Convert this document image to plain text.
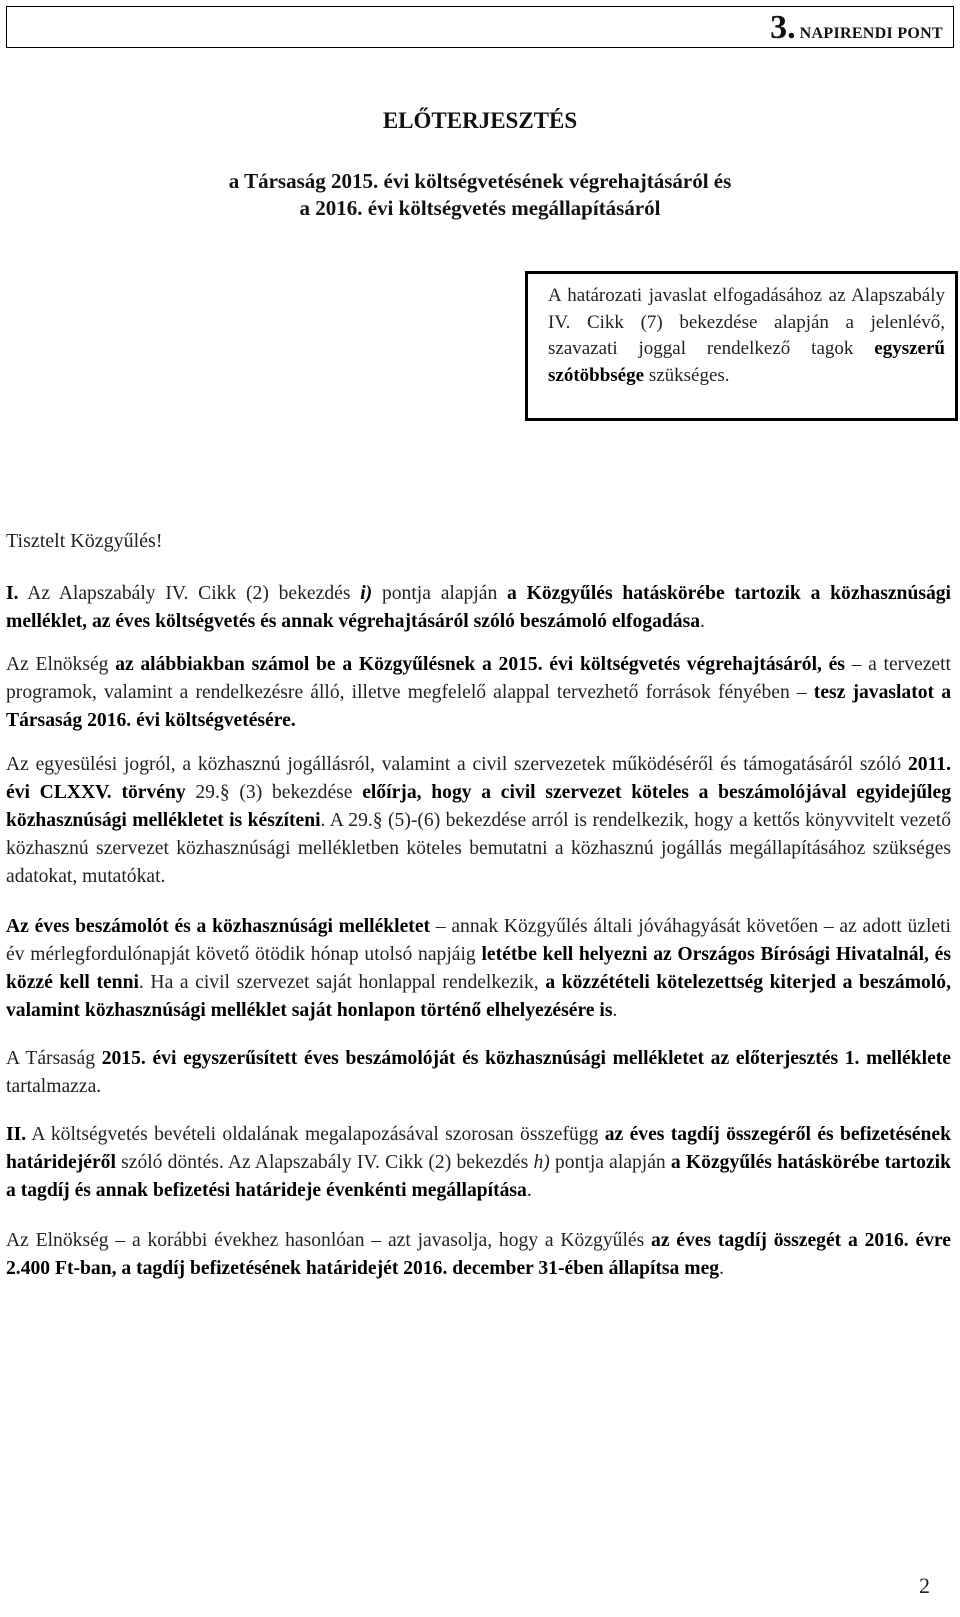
3. NAPIRENDI PONT
ELŐTERJESZTÉS
a Társaság 2015. évi költségvetésének végrehajtásáról és
a 2016. évi költségvetés megállapításáról
A határozati javaslat elfogadásához az Alapszabály IV. Cikk (7) bekezdése alapján a jelenlévő, szavazati joggal rendelkező tagok egyszerű szótöbbsége szükséges.
Tisztelt Közgyűlés!

I. Az Alapszabály IV. Cikk (2) bekezdés i) pontja alapján a Közgyűlés hatáskörébe tartozik a közhasznúsági melléklet, az éves költségvetés és annak végrehajtásáról szóló beszámoló elfogadása.

Az Elnökség az alábbiakban számol be a Közgyűlésnek a 2015. évi költségvetés végrehajtásáról, és – a tervezett programok, valamint a rendelkezésre álló, illetve megfelelő alappal tervezhető források fényében – tesz javaslatot a Társaság 2016. évi költségvetésére.

Az egyesülési jogról, a közhasznú jogállásról, valamint a civil szervezetek működéséről és támogatásáról szóló 2011. évi CLXXV. törvény 29.§ (3) bekezdése előírja, hogy a civil szervezet köteles a beszámolójával egyidejűleg közhasznúsági mellékletet is készíteni. A 29.§ (5)-(6) bekezdése arról is rendelkezik, hogy a kettős könyvvitelt vezető közhasznú szervezet közhasznúsági mellékletben köteles bemutatni a közhasznú jogállás megállapításához szükséges adatokat, mutatókat.

Az éves beszámolót és a közhasznúsági mellékletet – annak Közgyűlés általi jóváhagyását követően – az adott üzleti év mérlegfordulónapját követő ötödik hónap utolsó napjáig letétbe kell helyezni az Országos Bírósági Hivatalnál, és közzé kell tenni. Ha a civil szervezet saját honlappal rendelkezik, a közzétételi kötelezettség kiterjed a beszámoló, valamint közhasznúsági melléklet saját honlapon történő elhelyezésére is.

A Társaság 2015. évi egyszerűsített éves beszámolóját és közhasznúsági mellékletet az előterjesztés 1. melléklete tartalmazza.

II. A költségvetés bevételi oldalának megalapozásával szorosan összefügg az éves tagdíj összegéről és befizetésének határidejéről szóló döntés. Az Alapszabály IV. Cikk (2) bekezdés h) pontja alapján a Közgyűlés hatáskörébe tartozik a tagdíj és annak befizetési határideje évenkénti megállapítása.

Az Elnökség – a korábbi évekhez hasonlóan – azt javasolja, hogy a Közgyűlés az éves tagdíj összegét a 2016. évre 2.400 Ft-ban, a tagdíj befizetésének határidejét 2016. december 31-ében állapítsa meg.

2
